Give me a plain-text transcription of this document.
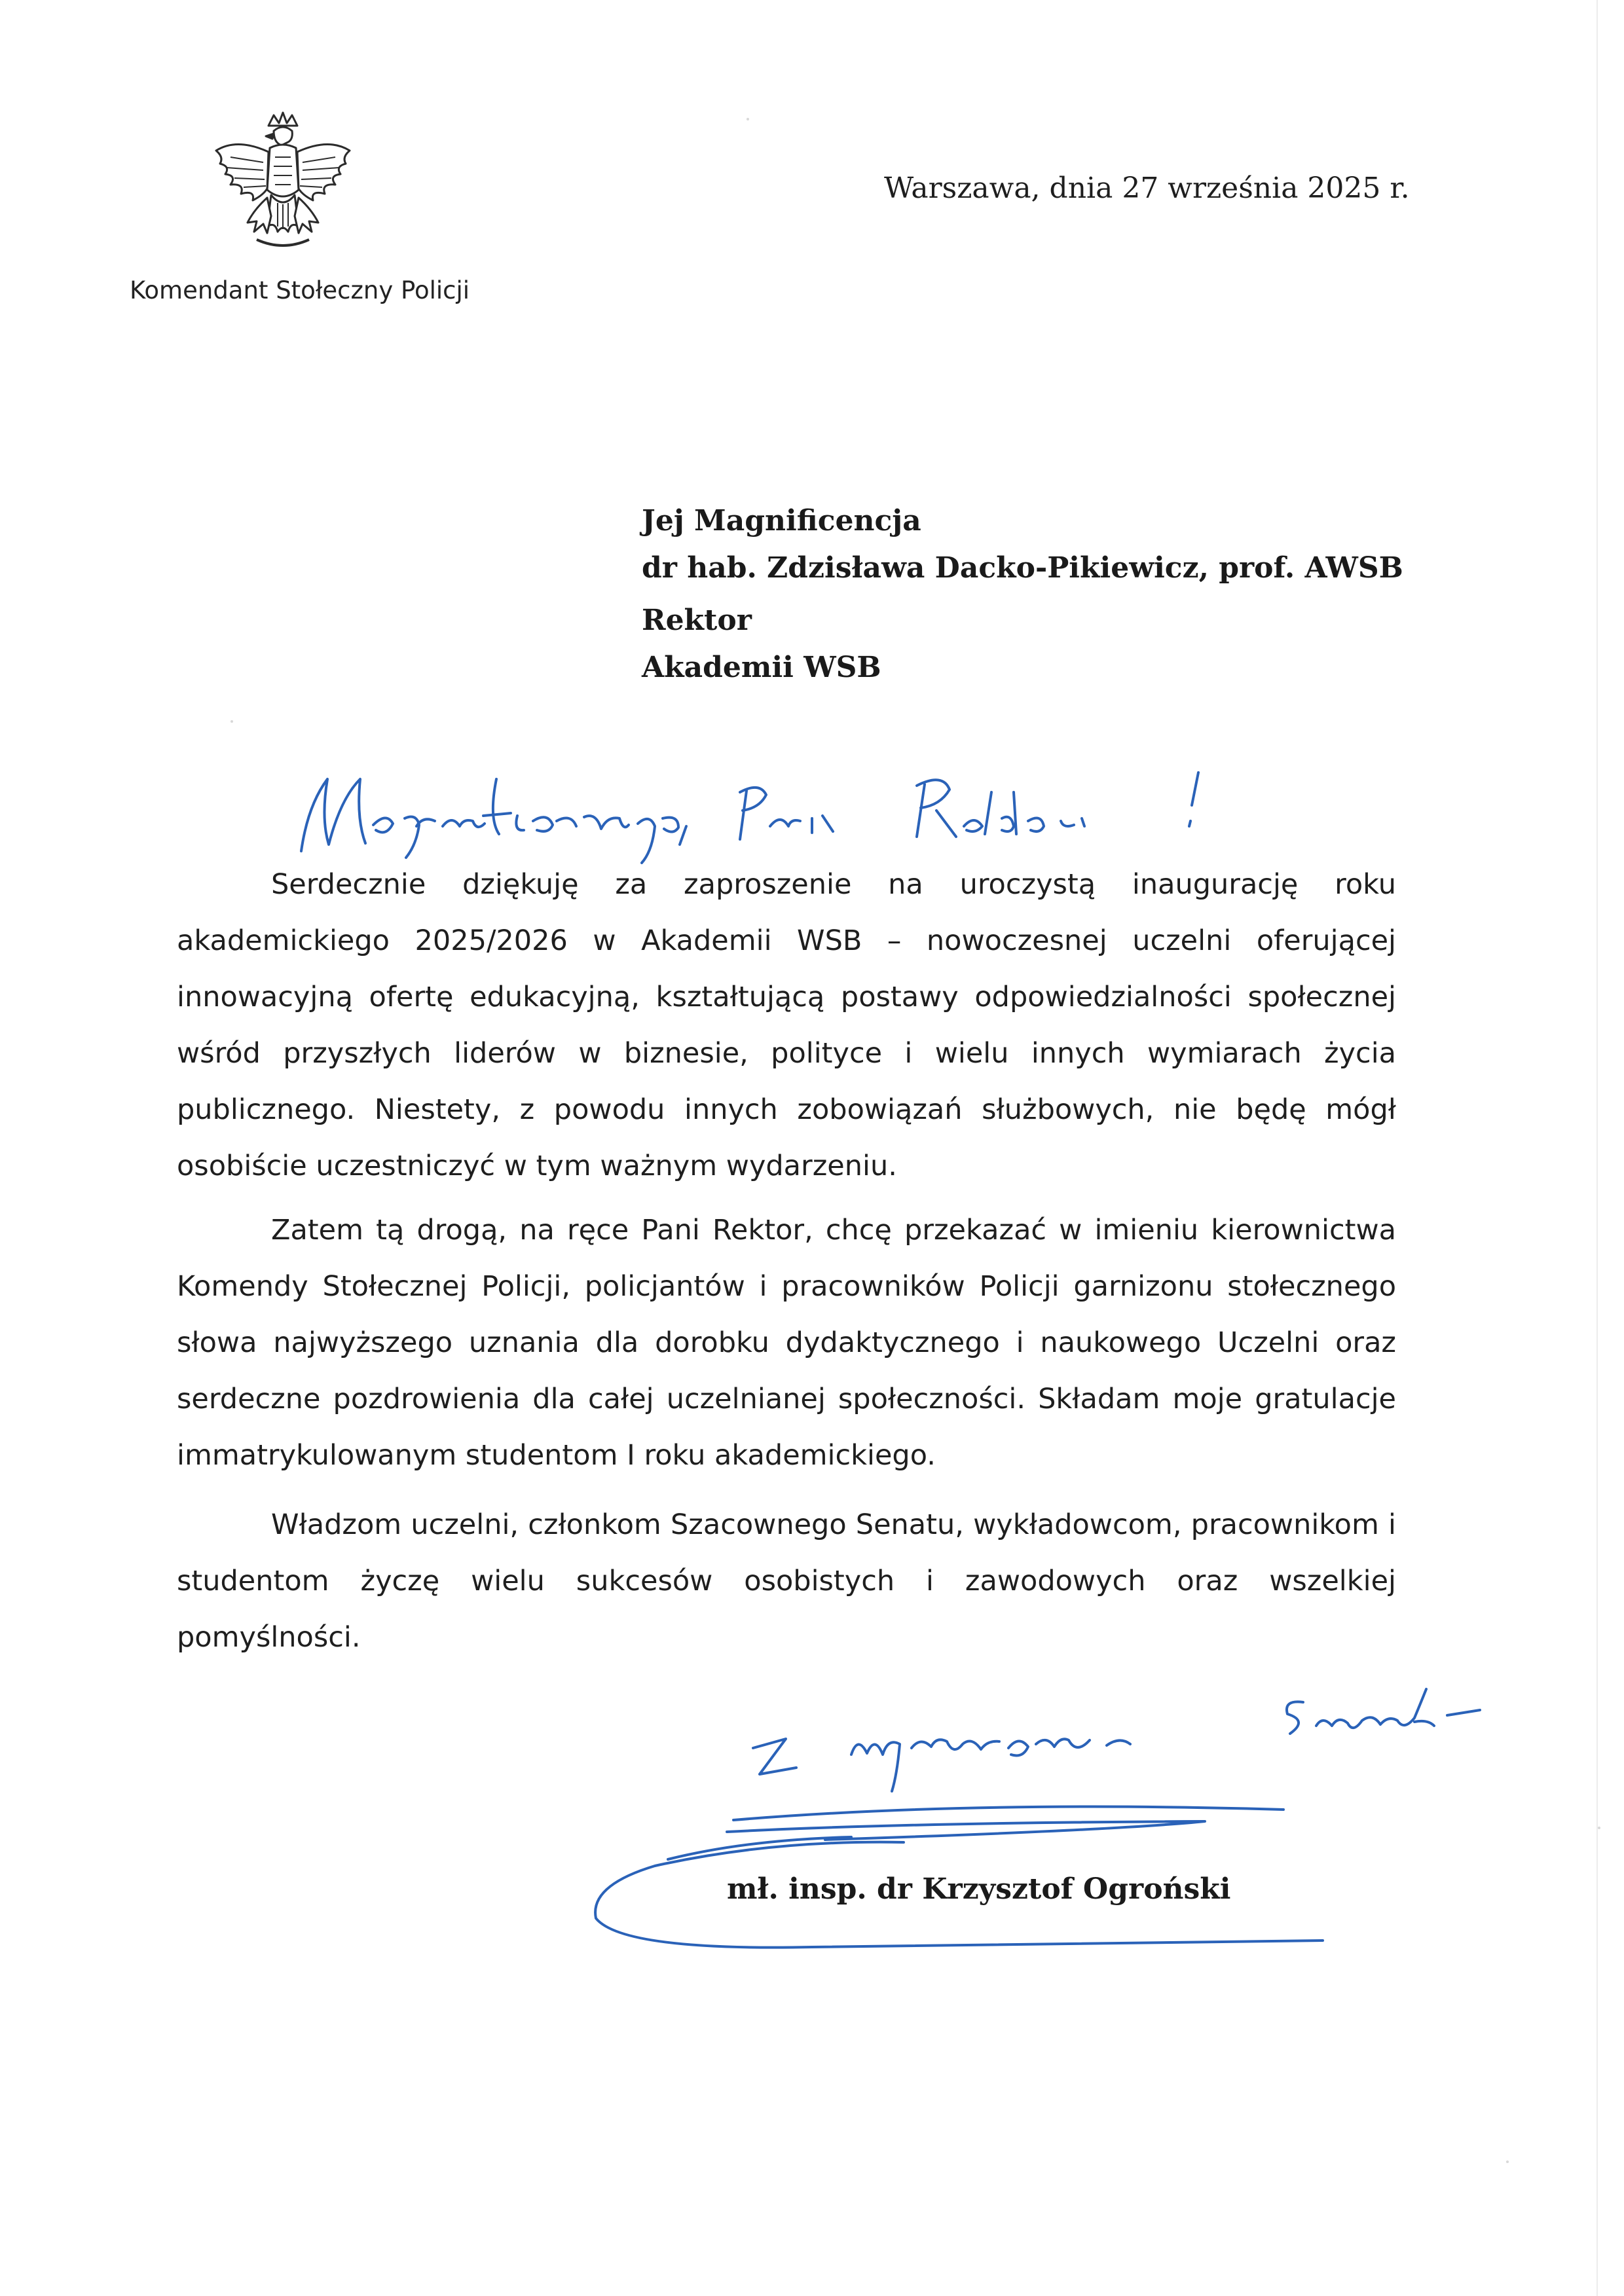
Komendant Stołeczny Policji
Warszawa, dnia 27 września 2025 r.
Jej Magnificencja
dr hab. Zdzisława Dacko-Pikiewicz, prof. AWSB
Rektor
Akademii WSB

Serdecznie dziękuję za zaproszenie na uroczystą inaugurację roku akademickiego 2025/2026 w Akademii WSB – nowoczesnej uczelni oferującej innowacyjną ofertę edukacyjną, kształtującą postawy odpowiedzialności społecznej wśród przyszłych liderów w biznesie, polityce i wielu innych wymiarach życia publicznego. Niestety, z powodu innych zobowiązań służbowych, nie będę mógł osobiście uczestniczyć w tym ważnym wydarzeniu.

Zatem tą drogą, na ręce Pani Rektor, chcę przekazać w imieniu kierownictwa Komendy Stołecznej Policji, policjantów i pracowników Policji garnizonu stołecznego słowa najwyższego uznania dla dorobku dydaktycznego i naukowego Uczelni oraz serdeczne pozdrowienia dla całej uczelnianej społeczności. Składam moje gratulacje immatrykulowanym studentom I roku akademickiego.

Władzom uczelni, członkom Szacownego Senatu, wykładowcom, pracownikom i studentom życzę wielu sukcesów osobistych i zawodowych oraz wszelkiej pomyślności.

mł. insp. dr Krzysztof Ogroński
